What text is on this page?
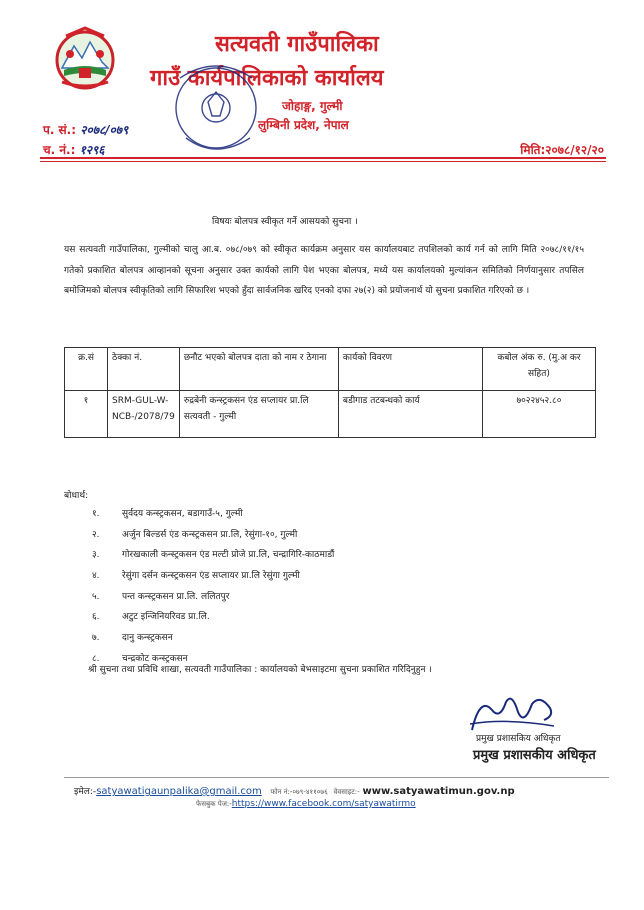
सत्यवती गाउँपालिका
गाउँ कार्यपालिकाको कार्यालय
जोहाङ्ग, गुल्मी
लुम्बिनी प्रदेश, नेपाल
प. सं.: २०७८/०७९
च. नं.: १२९६	मिति:२०७८/१२/२०
विषयः बोलपत्र स्वीकृत गर्ने आसयको सुचना ।
यस सत्यवती गाउँपालिका, गुल्मीको चालु आ.ब. ०७८/०७९ को स्वीकृत कार्यक्रम अनुसार यस कार्यालयबाट तपशिलको कार्य गर्न को लागि मिति २०७८/११/१५ गतेको प्रकाशित बोलपत्र आव्हानको सूचना अनुसार उक्त कार्यको लागि पेश भएका बोलपत्र, मध्ये यस कार्यालयको मुल्यांकन समितिको निर्णयानुसार तपसिल बमोजिमको बोलपत्र स्वीकृतिको लागि सिफारिश भएको हुँदा सार्वजनिक खरिद एनको दफा २७(२) को प्रयोजनार्थ यो सुचना प्रकाशित गरिएको छ ।
क्र.सं	ठेक्का नं.	छनौट भएको बोलपत्र दाता को नाम र ठेगाना	कार्यको विवरण	कबोल अंक रु. (मु.अ कर सहित)
१	SRM-GUL-W-NCB-/2078/79	रुद्रबेनी कन्स्ट्रकसन एंड सप्लायर प्रा.लि सत्यवती - गुल्मी	बडीगाड तटबन्धको कार्य	७०२२४५२.८०
बोधार्थ:
१. सुर्वदय कन्स्ट्रकसन, बडागाउँ-५, गुल्मी
२. अर्जुन बिल्डर्स एंड कन्स्ट्रकसन प्रा.लि, रेसुंगा-१०, गुल्मी
३. गोरखकाली कन्स्ट्रकसन एंड मल्टी प्रोजे प्रा.लि, चन्द्रागिरि-काठमाडौं
४. रेसुंगा दर्सन कन्स्ट्रकसन एंड सप्लायर प्रा.लि रेसुंगा गुल्मी
५. पन्त कन्स्ट्रकसन प्रा.लि. ललितपुर
६. अटुट इन्जिनियरिवड प्रा.लि.
७. दानु कन्स्ट्रकसन
८. चन्द्रकोट कन्स्ट्रकसन
श्री सुचना तथा प्रविधि शाखा, सत्यवती गाउँपालिका : कार्यालयको बेभसाइटमा सुचना प्रकाशित गरिदिनुहुन ।
प्रमुख प्रशासकिय अधिकृत
प्रमुख प्रशासकीय अधिकृत
इमेल:-satyawatigaunpalika@gmail.com फोन नं:-०७९-४११०७६ वेवसाइट:- www.satyawatimun.gov.np
फेसबुक पेज:-https://www.facebook.com/satyawatirmo
